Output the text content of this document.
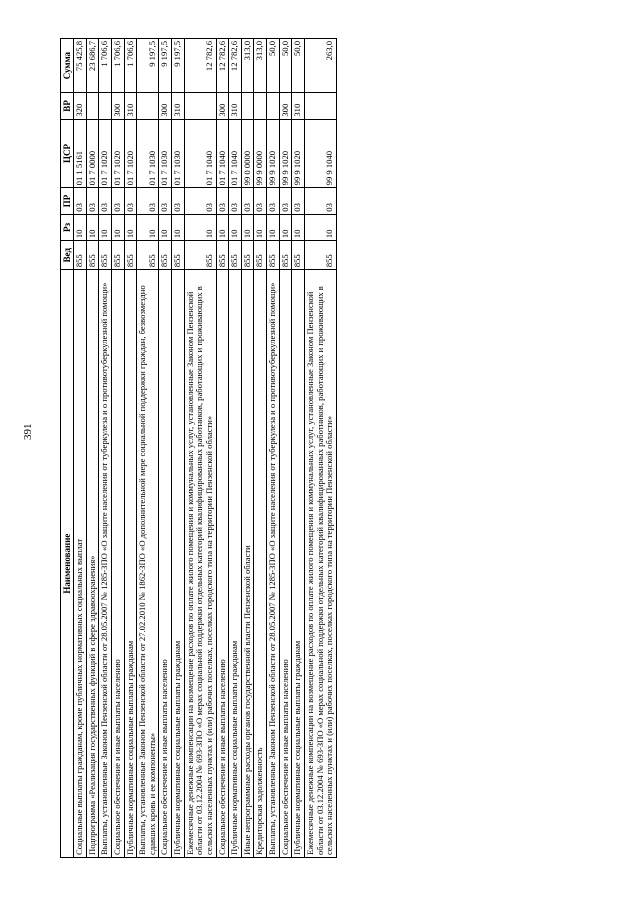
391
Наименование	Вед	Рз	ПР	ЦСР	ВР	Сумма
Социальные выплаты гражданам, кроме публичных нормативных социальных выплат	855	10	03	01 1 5161	320	75 425,8
Подпрограмма «Реализация государственных функций в сфере здравоохранения»	855	10	03	01 7 0000		23 686,7
Выплаты, установленные Законом Пензенской области от 28.05.2007 № 1285-ЗПО «О защите населения от туберкулеза и о противотуберкулезной помощи»	855	10	03	01 7 1020		1 706,6
Социальное обеспечение и иные выплаты населению	855	10	03	01 7 1020	300	1 706,6
Публичные нормативные социальные выплаты гражданам	855	10	03	01 7 1020	310	1 706,6
Выплаты, установленные Законом Пензенской области от 27.02.2010 № 1862-ЗПО «О дополнительной мере социальной поддержки граждан, безвозмездно сдавших кровь и ее компоненты»	855	10	03	01 7 1030		9 197,5
Социальное обеспечение и иные выплаты населению	855	10	03	01 7 1030	300	9 197,5
Публичные нормативные социальные выплаты гражданам	855	10	03	01 7 1030	310	9 197,5
Ежемесячные денежные компенсации на возмещение расходов по оплате жилого помещения и коммунальных услуг, установленные Законом Пензенской области от 03.12.2004 № 693-ЗПО «О мерах социальной поддержки отдельных категорий квалифицированных работников, работающих и проживающих в сельских населенных пунктах и (или) рабочих поселках, поселках городского типа на территории Пензенской области»	855	10	03	01 7 1040		12 782,6
Социальное обеспечение и иные выплаты населению	855	10	03	01 7 1040	300	12 782,6
Публичные нормативные социальные выплаты гражданам	855	10	03	01 7 1040	310	12 782,6
Иные непрограммные расходы органов государственной власти Пензенской области	855	10	03	99 0 0000		313,0
Кредиторская задолженность	855	10	03	99 9 0000		313,0
Выплаты, установленные Законом Пензенской области от 28.05.2007 № 1285-ЗПО «О защите населения от туберкулеза и о противотуберкулезной помощи»	855	10	03	99 9 1020		50,0
Социальное обеспечение и иные выплаты населению	855	10	03	99 9 1020	300	50,0
Публичные нормативные социальные выплаты гражданам	855	10	03	99 9 1020	310	50,0
Ежемесячные денежные компенсации на возмещение расходов по оплате жилого помещения и коммунальных услуг, установленные Законом Пензенской области от 03.12.2004 № 693-ЗПО «О мерах социальной поддержки отдельных категорий квалифицированных работников, работающих и проживающих в сельских населенных пунктах и (или) рабочих поселках, поселках городского типа на территории Пензенской области»	855	10	03	99 9 1040		263,0
